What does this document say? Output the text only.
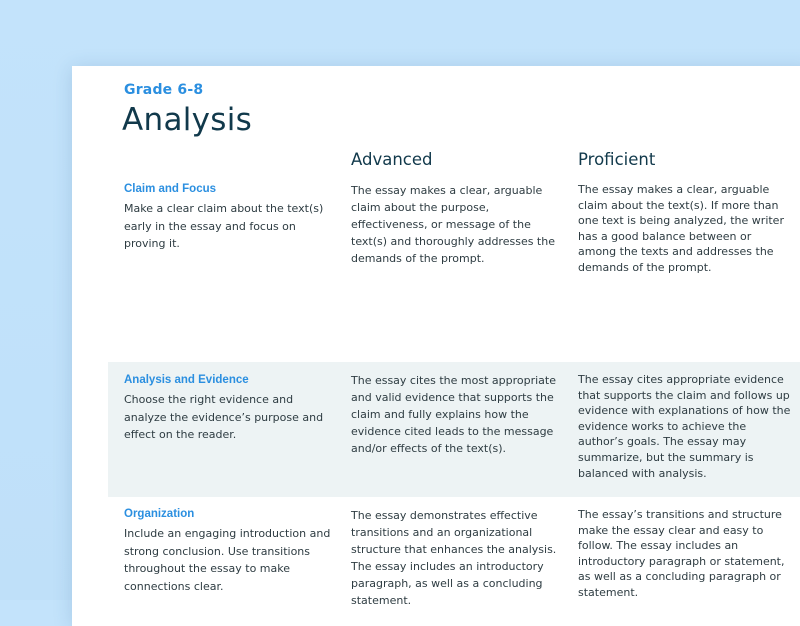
Grade 6-8
Analysis
Advanced	Proficient
Claim and Focus
Make a clear claim about the text(s) early in the essay and focus on proving it.
The essay makes a clear, arguable claim about the purpose, effectiveness, or message of the text(s) and thoroughly addresses the demands of the prompt.
The essay makes a clear, arguable claim about the text(s). If more than one text is being analyzed, the writer has a good balance between or among the texts and addresses the demands of the prompt.
Analysis and Evidence
Choose the right evidence and analyze the evidence’s purpose and effect on the reader.
The essay cites the most appropriate and valid evidence that supports the claim and fully explains how the evidence cited leads to the message and/or effects of the text(s).
The essay cites appropriate evidence that supports the claim and follows up evidence with explanations of how the evidence works to achieve the author’s goals. The essay may summarize, but the summary is balanced with analysis.
Organization
Include an engaging introduction and strong conclusion. Use transitions throughout the essay to make connections clear.
The essay demonstrates effective transitions and an organizational structure that enhances the analysis. The essay includes an introductory paragraph, as well as a concluding statement.
The essay’s transitions and structure make the essay clear and easy to follow. The essay includes an introductory paragraph or statement, as well as a concluding paragraph or statement.
